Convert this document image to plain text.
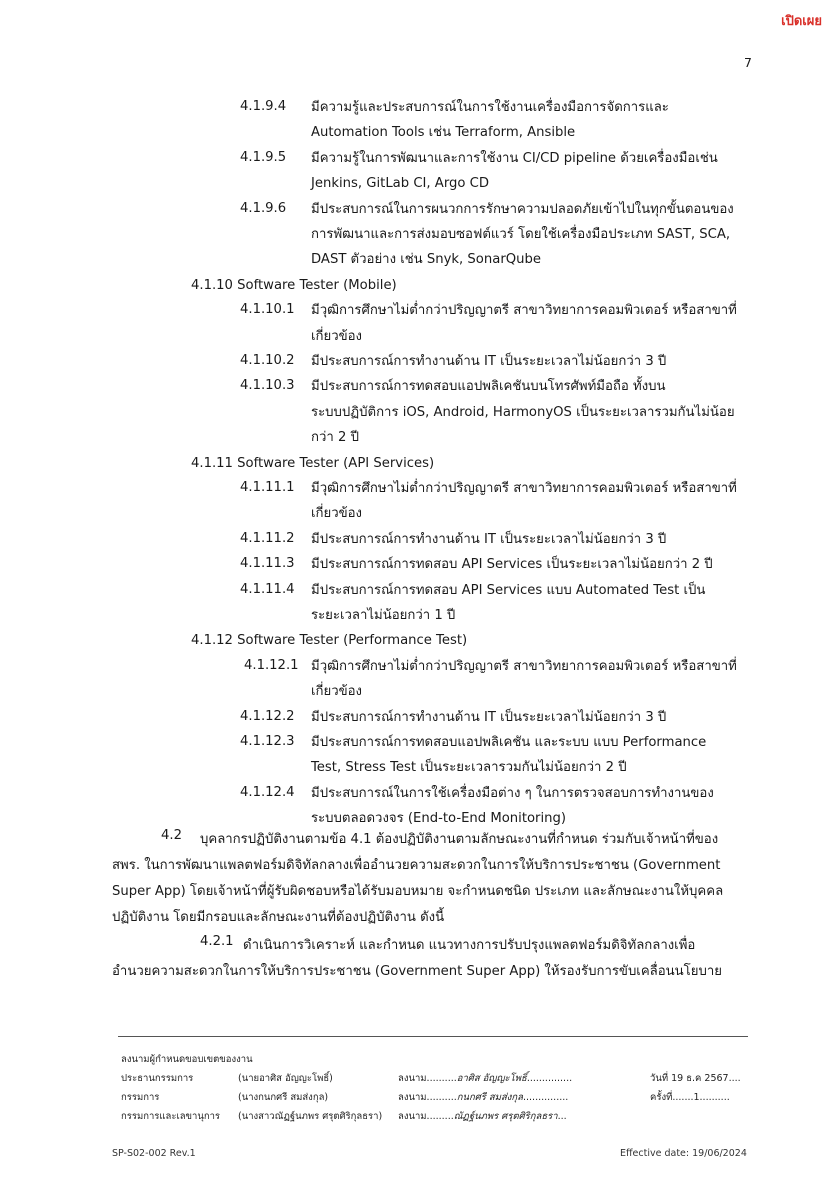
เปิดเผย
7
4.1.9.4 มีความรู้และประสบการณ์ในการใช้งานเครื่องมือการจัดการและ
Automation Tools เช่น Terraform, Ansible
4.1.9.5 มีความรู้ในการพัฒนาและการใช้งาน CI/CD pipeline ด้วยเครื่องมือเช่น
Jenkins, GitLab CI, Argo CD
4.1.9.6 มีประสบการณ์ในการผนวกการรักษาความปลอดภัยเข้าไปในทุกขั้นตอนของ
การพัฒนาและการส่งมอบซอฟต์แวร์ โดยใช้เครื่องมือประเภท SAST, SCA,
DAST ตัวอย่าง เช่น Snyk, SonarQube
4.1.10 Software Tester (Mobile)
4.1.10.1 มีวุฒิการศึกษาไม่ต่ำกว่าปริญญาตรี สาขาวิทยาการคอมพิวเตอร์ หรือสาขาที่
เกี่ยวข้อง
4.1.10.2 มีประสบการณ์การทำงานด้าน IT เป็นระยะเวลาไม่น้อยกว่า 3 ปี
4.1.10.3 มีประสบการณ์การทดสอบแอปพลิเคชันบนโทรศัพท์มือถือ ทั้งบน
ระบบปฏิบัติการ iOS, Android, HarmonyOS เป็นระยะเวลารวมกันไม่น้อย
กว่า 2 ปี
4.1.11 Software Tester (API Services)
4.1.11.1 มีวุฒิการศึกษาไม่ต่ำกว่าปริญญาตรี สาขาวิทยาการคอมพิวเตอร์ หรือสาขาที่
เกี่ยวข้อง
4.1.11.2 มีประสบการณ์การทำงานด้าน IT เป็นระยะเวลาไม่น้อยกว่า 3 ปี
4.1.11.3 มีประสบการณ์การทดสอบ API Services เป็นระยะเวลาไม่น้อยกว่า 2 ปี
4.1.11.4 มีประสบการณ์การทดสอบ API Services แบบ Automated Test เป็น
ระยะเวลาไม่น้อยกว่า 1 ปี
4.1.12 Software Tester (Performance Test)
4.1.12.1 มีวุฒิการศึกษาไม่ต่ำกว่าปริญญาตรี สาขาวิทยาการคอมพิวเตอร์ หรือสาขาที่
เกี่ยวข้อง
4.1.12.2 มีประสบการณ์การทำงานด้าน IT เป็นระยะเวลาไม่น้อยกว่า 3 ปี
4.1.12.3 มีประสบการณ์การทดสอบแอปพลิเคชัน และระบบ แบบ Performance
Test, Stress Test เป็นระยะเวลารวมกันไม่น้อยกว่า 2 ปี
4.1.12.4 มีประสบการณ์ในการใช้เครื่องมือต่าง ๆ ในการตรวจสอบการทำงานของ
ระบบตลอดวงจร (End-to-End Monitoring)
4.2 บุคลากรปฏิบัติงานตามข้อ 4.1 ต้องปฏิบัติงานตามลักษณะงานที่กำหนด ร่วมกับเจ้าหน้าที่ของ
สพร. ในการพัฒนาแพลตฟอร์มดิจิทัลกลางเพื่ออำนวยความสะดวกในการให้บริการประชาชน (Government
Super App) โดยเจ้าหน้าที่ผู้รับผิดชอบหรือได้รับมอบหมาย จะกำหนดชนิด ประเภท และลักษณะงานให้บุคคล
ปฏิบัติงาน โดยมีกรอบและลักษณะงานที่ต้องปฏิบัติงาน ดังนี้
4.2.1 ดำเนินการวิเคราะห์ และกำหนด แนวทางการปรับปรุงแพลตฟอร์มดิจิทัลกลางเพื่อ
อำนวยความสะดวกในการให้บริการประชาชน (Government Super App) ให้รองรับการขับเคลื่อนนโยบาย
ลงนามผู้กำหนดขอบเขตของงาน
ประธานกรรมการ	(นายอาศิส อัญญะโพธิ์)	ลงนาม..........อาศิส อัญญะโพธิ์...............	วันที่ 19 ธ.ค 2567....
กรรมการ	(นางกนกศรี สมส่งกุล)	ลงนาม..........กนกศรี สมส่งกุล...............	ครั้งที่.......1..........
กรรมการและเลขานุการ (นางสาวณัฏฐ์นภพร ศรุตศิริกุลธรา) ลงนาม.........ณัฏฐ์นภพร ศรุตศิริกุลธรา...
SP-S02-002 Rev.1	Effective date: 19/06/2024
